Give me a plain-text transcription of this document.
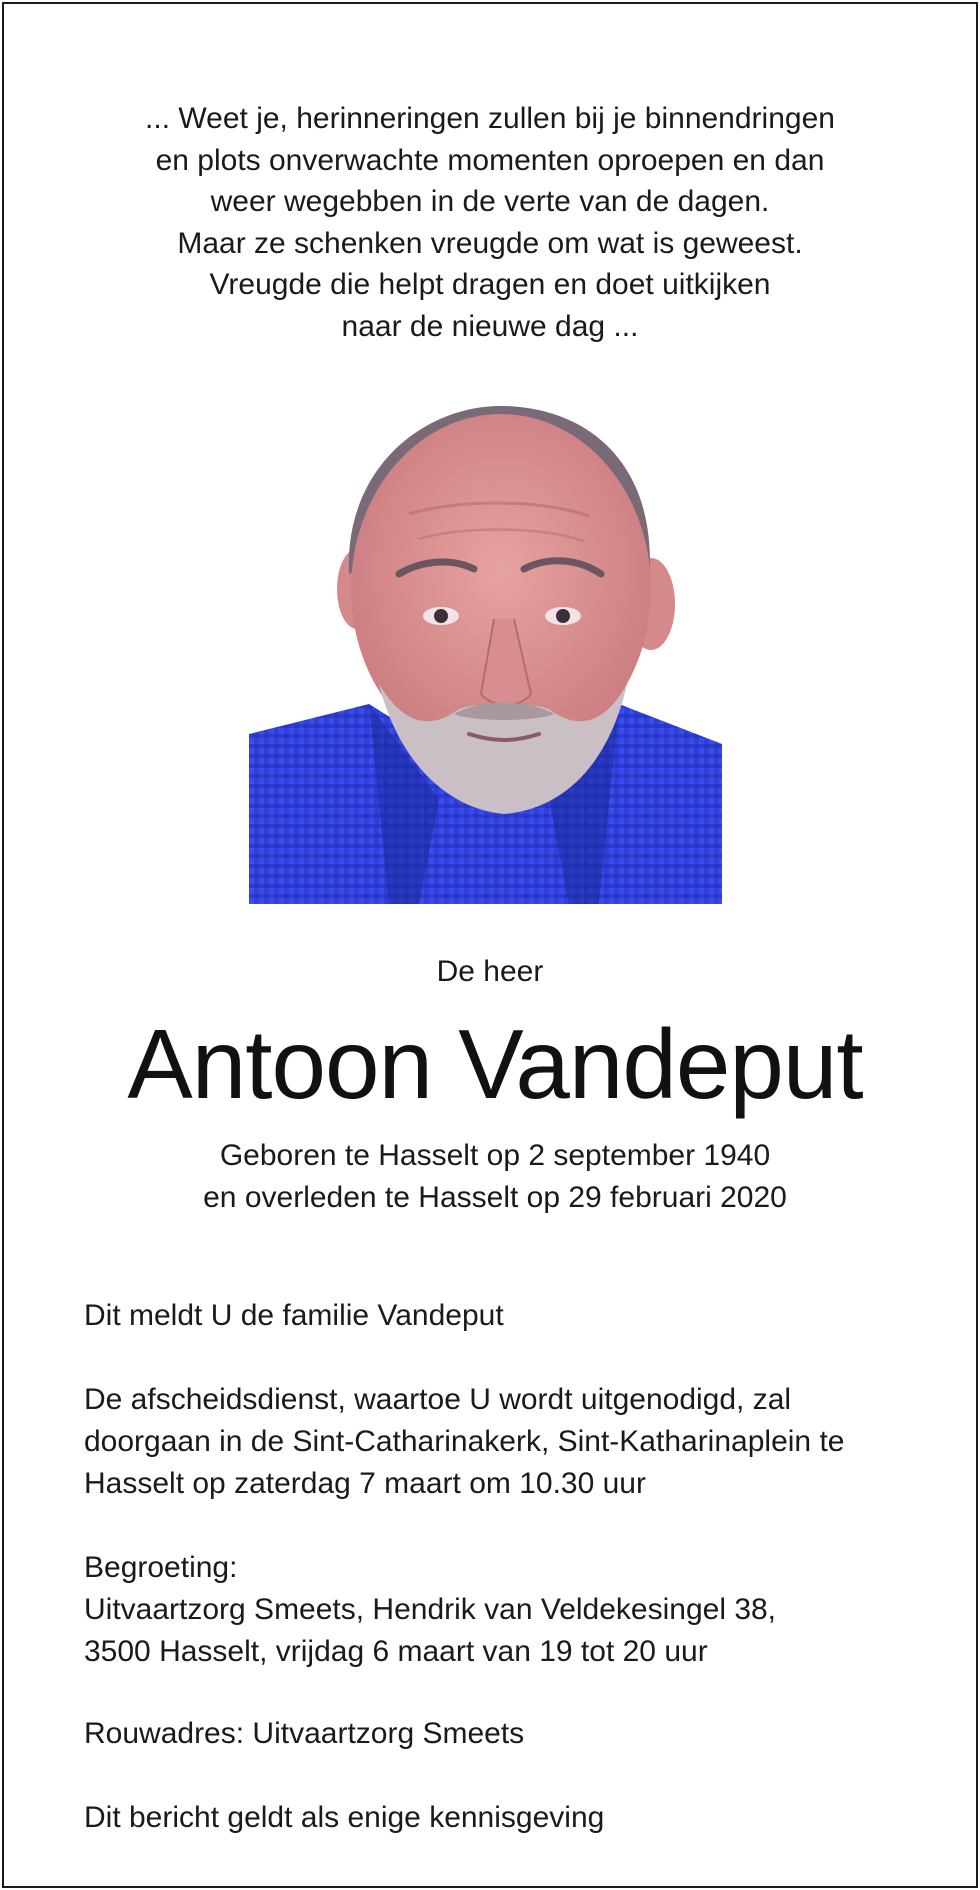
... Weet je, herinneringen zullen bij je binnendringen
en plots onverwachte momenten oproepen en dan
weer wegebben in de verte van de dagen.
Maar ze schenken vreugde om wat is geweest.
Vreugde die helpt dragen en doet uitkijken
naar de nieuwe dag ...
De heer
Antoon Vandeput
Geboren te Hasselt op 2 september 1940
en overleden te Hasselt op 29 februari 2020
Dit meldt U de familie Vandeput
De afscheidsdienst, waartoe U wordt uitgenodigd, zal
doorgaan in de Sint-Catharinakerk, Sint-Katharinaplein te
Hasselt op zaterdag 7 maart om 10.30 uur
Begroeting:
Uitvaartzorg Smeets, Hendrik van Veldekesingel 38,
3500 Hasselt, vrijdag 6 maart van 19 tot 20 uur
Rouwadres: Uitvaartzorg Smeets
Dit bericht geldt als enige kennisgeving
